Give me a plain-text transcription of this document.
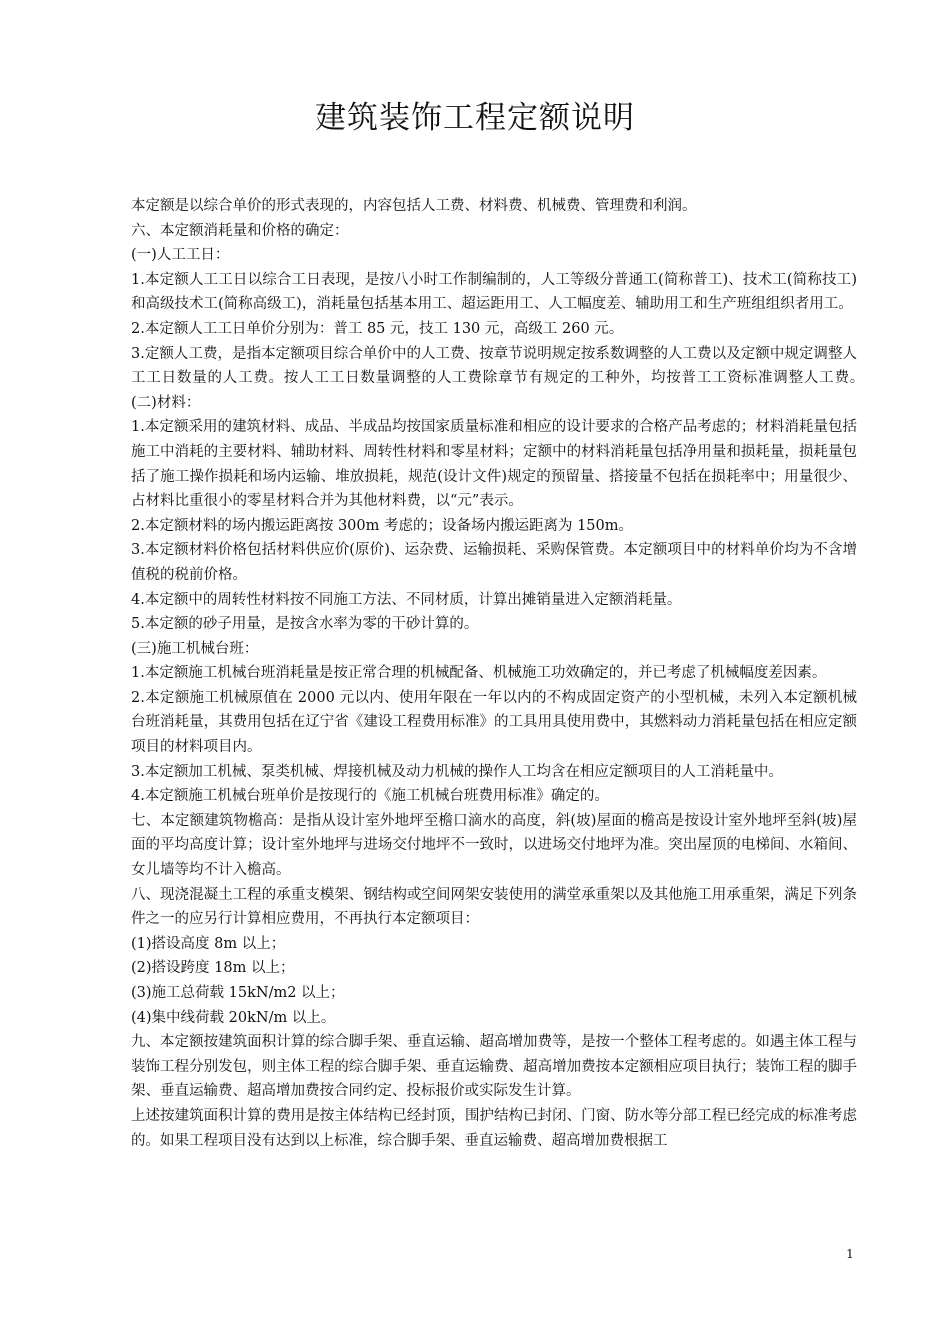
建筑装饰工程定额说明

本定额是以综合单价的形式表现的，内容包括人工费、材料费、机械费、管理费和利润。

六、本定额消耗量和价格的确定：

(一)人工工日：

1.本定额人工工日以综合工日表现，是按八小时工作制编制的，人工等级分普通工(简称普工)、技术工(简称技工)和高级技术工(简称高级工)，消耗量包括基本用工、超运距用工、人工幅度差、辅助用工和生产班组组织者用工。

2.本定额人工工日单价分别为：普工 85 元，技工 130 元，高级工 260 元。

3.定额人工费，是指本定额项目综合单价中的人工费、按章节说明规定按系数调整的人工费以及定额中规定调整人工工日数量的人工费。按人工工日数量调整的人工费除章节有规定的工种外，均按普工工资标准调整人工费。　(二)材料：

1.本定额采用的建筑材料、成品、半成品均按国家质量标准和相应的设计要求的合格产品考虑的；材料消耗量包括施工中消耗的主要材料、辅助材料、周转性材料和零星材料；定额中的材料消耗量包括净用量和损耗量，损耗量包括了施工操作损耗和场内运输、堆放损耗，规范(设计文件)规定的预留量、搭接量不包括在损耗率中；用量很少、占材料比重很小的零星材料合并为其他材料费，以“元”表示。

2.本定额材料的场内搬运距离按 300m 考虑的；设备场内搬运距离为 150m。

3.本定额材料价格包括材料供应价(原价)、运杂费、运输损耗、采购保管费。本定额项目中的材料单价均为不含增值税的税前价格。

4.本定额中的周转性材料按不同施工方法、不同材质，计算出摊销量进入定额消耗量。

5.本定额的砂子用量，是按含水率为零的干砂计算的。

(三)施工机械台班：

1.本定额施工机械台班消耗量是按正常合理的机械配备、机械施工功效确定的，并已考虑了机械幅度差因素。

2.本定额施工机械原值在 2000 元以内、使用年限在一年以内的不构成固定资产的小型机械，未列入本定额机械台班消耗量，其费用包括在辽宁省《建设工程费用标准》的工具用具使用费中，其燃料动力消耗量包括在相应定额项目的材料项目内。

3.本定额加工机械、泵类机械、焊接机械及动力机械的操作人工均含在相应定额项目的人工消耗量中。

4.本定额施工机械台班单价是按现行的《施工机械台班费用标准》确定的。

七、本定额建筑物檐高：是指从设计室外地坪至檐口滴水的高度，斜(坡)屋面的檐高是按设计室外地坪至斜(坡)屋面的平均高度计算；设计室外地坪与进场交付地坪不一致时，以进场交付地坪为准。突出屋顶的电梯间、水箱间、女儿墙等均不计入檐高。

八、现浇混凝土工程的承重支模架、钢结构或空间网架安装使用的满堂承重架以及其他施工用承重架，满足下列条件之一的应另行计算相应费用，不再执行本定额项目：

(1)搭设高度 8m 以上；

(2)搭设跨度 18m 以上；

(3)施工总荷载 15kN/m2 以上；

(4)集中线荷载 20kN/m 以上。

九、本定额按建筑面积计算的综合脚手架、垂直运输、超高增加费等，是按一个整体工程考虑的。如遇主体工程与装饰工程分别发包，则主体工程的综合脚手架、垂直运输费、超高增加费按本定额相应项目执行；装饰工程的脚手架、垂直运输费、超高增加费按合同约定、投标报价或实际发生计算。

上述按建筑面积计算的费用是按主体结构已经封顶，围护结构已封闭、门窗、防水等分部工程已经完成的标准考虑的。如果工程项目没有达到以上标准，综合脚手架、垂直运输费、超高增加费根据工

1
